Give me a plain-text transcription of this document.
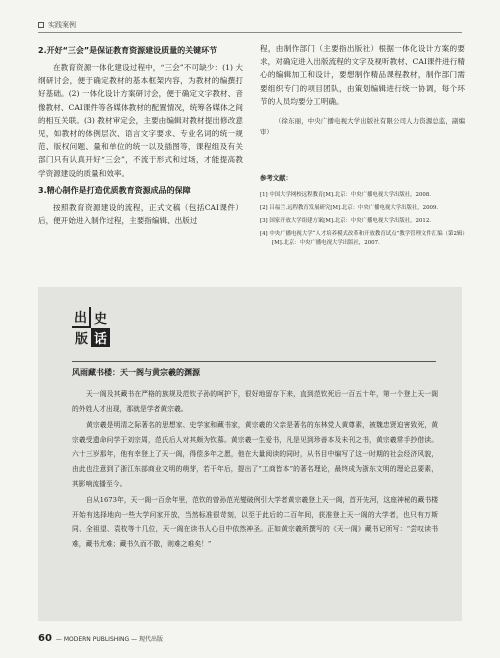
实践案例
2.开好“三会”是保证教育资源建设质量的关键环节

在教育资源一体化建设过程中，“三会”不可缺少：(1) 大纲研讨会，便于确定教材的基本框架内容，为教材的编撰打好基础。(2) 一体化设计方案研讨会，便于确定文字教材、音像教材、CAI课件等各媒体教材的配置情况，统筹各媒体之间的相互关联。(3) 教材审定会，主要由编辑对教材提出修改意见，如教材的体例层次、语言文字要求、专业名词的统一规范、版权问题、量和单位的统一以及插图等，课程组及有关部门只有认真开好“三会”，不流于形式和过场，才能提高教学资源建设的质量和效率。

3.精心制作是打造优质教育资源成品的保障

按照教育资源建设的流程，正式文稿（包括CAI课件）后，便开始进入制作过程，主要指编辑、出版过

程，由制作部门（主要指出版社）根据一体化设计方案的要求，对确定进入出版流程的文字及视听教材、CAI课件进行精心的编辑加工和设计，要想制作精品课程教材，制作部门需要组织专门的项目团队，由策划编辑进行统一协调，每个环节的人员均要分工明确。

（徐东丽，中央广播电视大学出版社有限公司人力资源总监，副编审）

参考文献：
[1] 中国大学网校远程教育[M].北京：中央广播电视大学出版社，2008.
[2] 吕福兰.远程教育发展研究[M].北京：中央广播电视大学出版社，2009.
[3] 国家开放大学组建方案[M].北京：中央广播电视大学出版社，2012.
[4] 中央广播电视大学“人才培养模式改革和开放教育试点”教学管理文件汇编（第2辑）[M].北京：中央广播电视大学出版社，2007.
出 史
版 话
风雨藏书楼：天一阁与黄宗羲的渊源

天一阁及其藏书在严格的族规及范钦子孙的呵护下，很好地留存下来，直到范钦死后一百五十年，第一个登上天一阁的外姓人才出现，那就是学者黄宗羲。

黄宗羲是明清之际著名的思想家、史学家和藏书家，黄宗羲的父亲是著名的东林党人黄尊素，被魏忠贤迫害致死，黄宗羲受遗命问学于刘宗周，范氏后人对其颇为钦慕。黄宗羲一生爱书，凡是见到珍善本及未刊之书，黄宗羲常手抄借读。六十三岁那年，他有幸登上了天一阁，得偿多年之愿，他在大量阅读的同时，从书目中编写了这一时期的社会经济风貌，由此也注意到了浙江东部商业文明的萌芽，若干年后，提出了“工商皆本”的著名理论，最终成为浙东文明的理论总要素，其影响流播至今。

自从1673年，天一阁一百余年里，范钦的曾孙范光燮破例引大学者黄宗羲登上天一阁，首开先河，这座神秘的藏书楼开始有选择地向一些大学问家开放，当然标准很苛刻，以至于此后的二百年间，获准登上天一阁的大学者，也只有万斯同、全祖望、袁枚等十几位，天一阁在读书人心目中依然神圣。正如黄宗羲所撰写的《天一阁》藏书记所写：“尝叹读书难，藏书尤难；藏书久而不散，则难之难矣！”

60 — MODERN PUBLISHING — 现代出版
